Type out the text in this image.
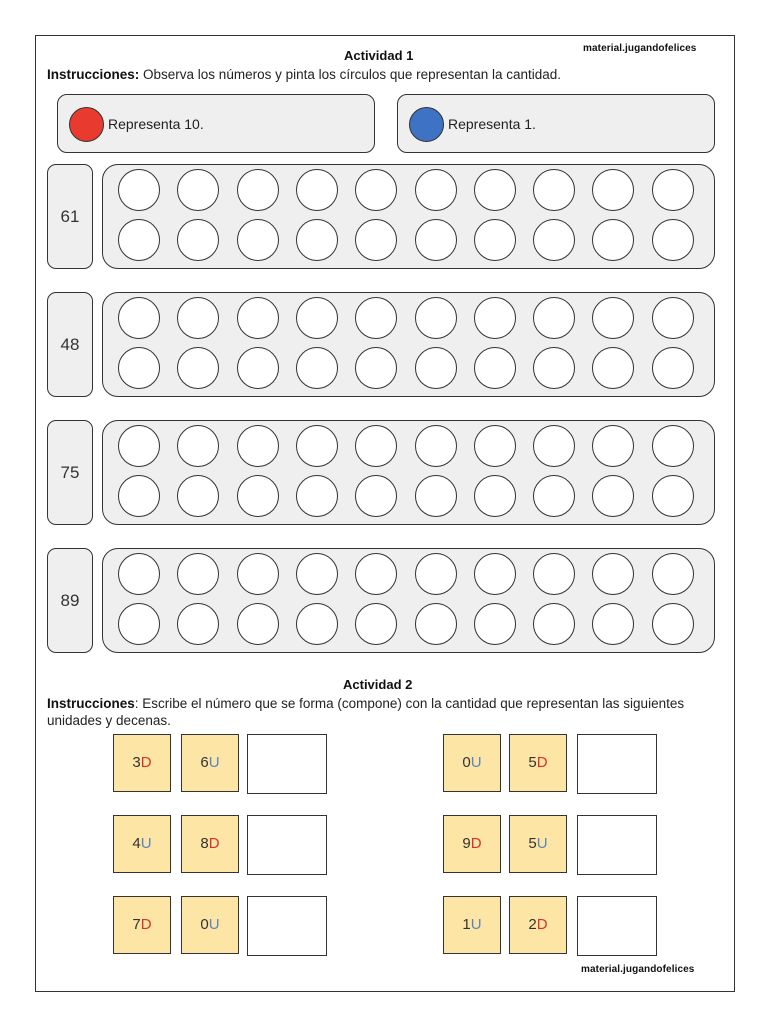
material.jugandofelices
Actividad 1
Instrucciones: Observa los números y pinta los círculos que representan la cantidad.
Representa 10.	Representa 1.
61
48
75
89
Actividad 2
Instrucciones: Escribe el número que se forma (compone) con la cantidad que representan las siguientes unidades y decenas.
3D	6U	0U	5D
4U	8D	9D	5U
7D	0U	1U	2D
material.jugandofelices
